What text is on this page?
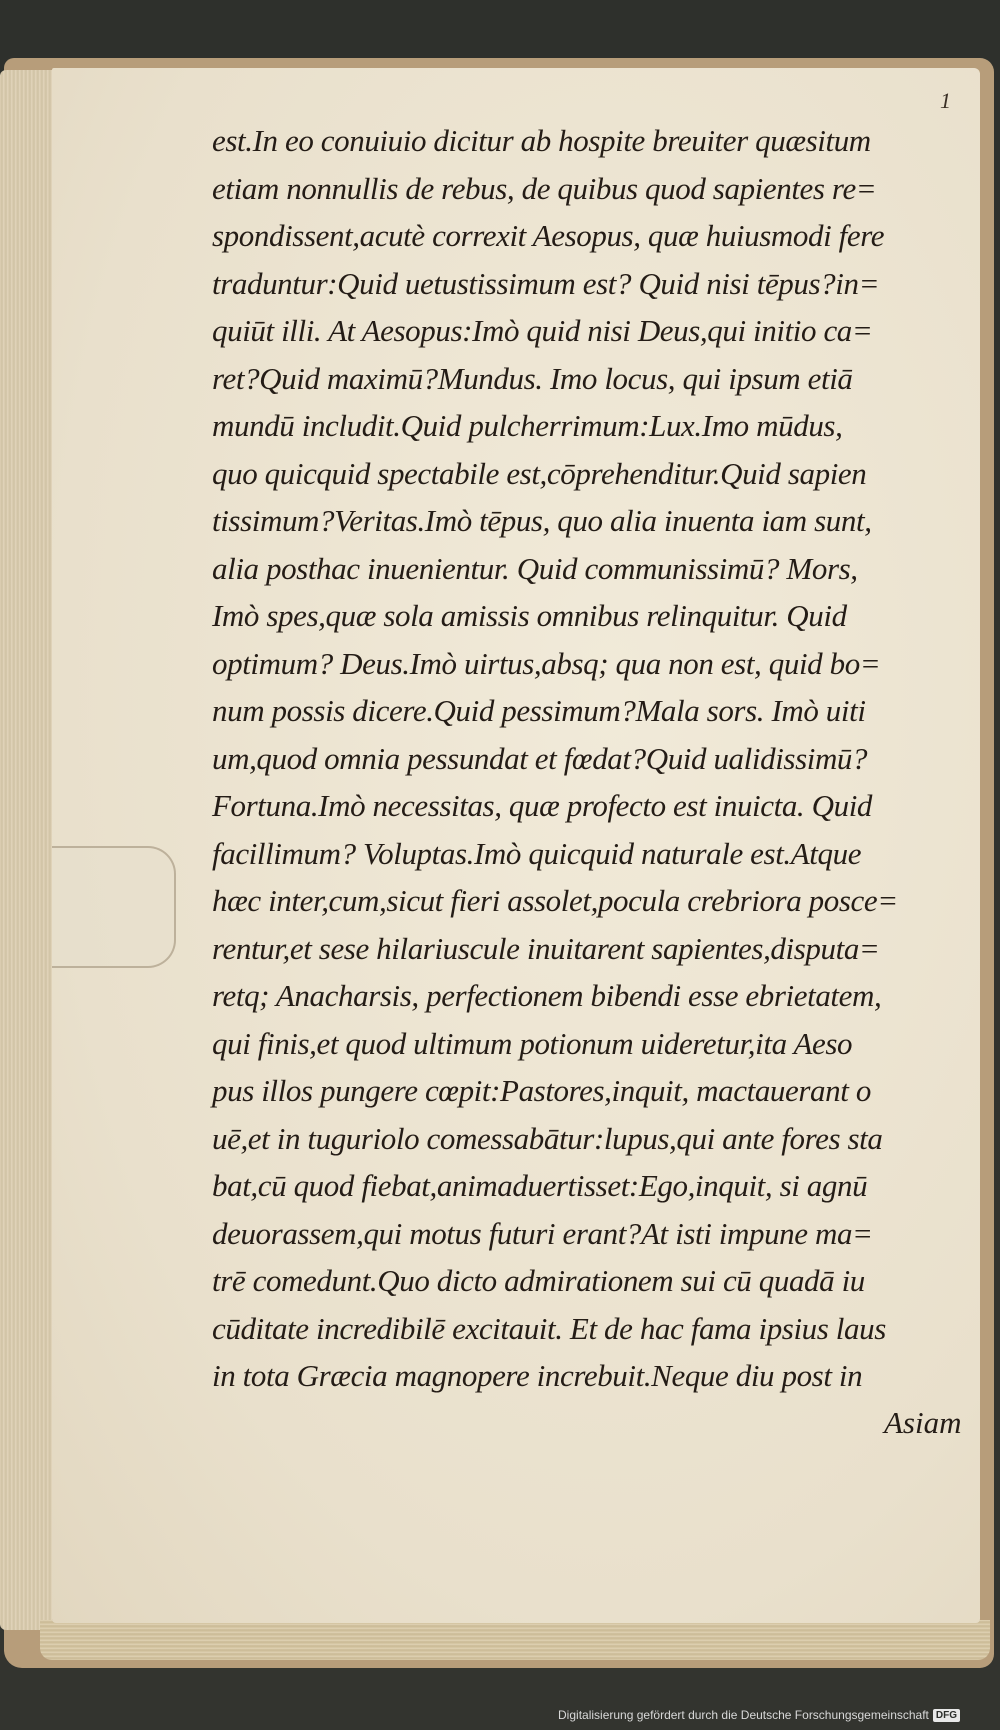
1
est.In eo conuiuio dicitur ab hospite breuiter quæsitum
etiam nonnullis de rebus, de quibus quod sapientes re=
spondissent,acutè correxit Aesopus, quæ huiusmodi fere
traduntur:Quid uetustissimum est? Quid nisi tēpus?in=
quiūt illi. At Aesopus:Imò quid nisi Deus,qui initio ca=
ret?Quid maximū?Mundus. Imo locus, qui ipsum etiā
mundū includit.Quid pulcherrimum:Lux.Imo mūdus,
quo quicquid spectabile est,cōprehenditur.Quid sapien
tissimum?Veritas.Imò tēpus, quo alia inuenta iam sunt,
alia posthac inuenientur. Quid communissimū? Mors,
Imò spes,quæ sola amissis omnibus relinquitur. Quid
optimum? Deus.Imò uirtus,absq; qua non est, quid bo=
num possis dicere.Quid pessimum?Mala sors. Imò uiti
um,quod omnia pessundat et fœdat?Quid ualidissimū?
Fortuna.Imò necessitas, quæ profecto est inuicta. Quid
facillimum? Voluptas.Imò quicquid naturale est.Atque
hæc inter,cum,sicut fieri assolet,pocula crebriora posce=
rentur,et sese hilariuscule inuitarent sapientes,disputa=
retq; Anacharsis, perfectionem bibendi esse ebrietatem,
qui finis,et quod ultimum potionum uideretur,ita Aeso
pus illos pungere cœpit:Pastores,inquit, mactauerant o
uē,et in tuguriolo comessabātur:lupus,qui ante fores sta
bat,cū quod fiebat,animaduertisset:Ego,inquit, si agnū
deuorassem,qui motus futuri erant?At isti impune ma=
trē comedunt.Quo dicto admirationem sui cū quadā iu
cūditate incredibilē excitauit. Et de hac fama ipsius laus
in tota Græcia magnopere increbuit.Neque diu post in
Asiam
Digitalisierung gefördert durch die Deutsche Forschungsgemeinschaft DFG
